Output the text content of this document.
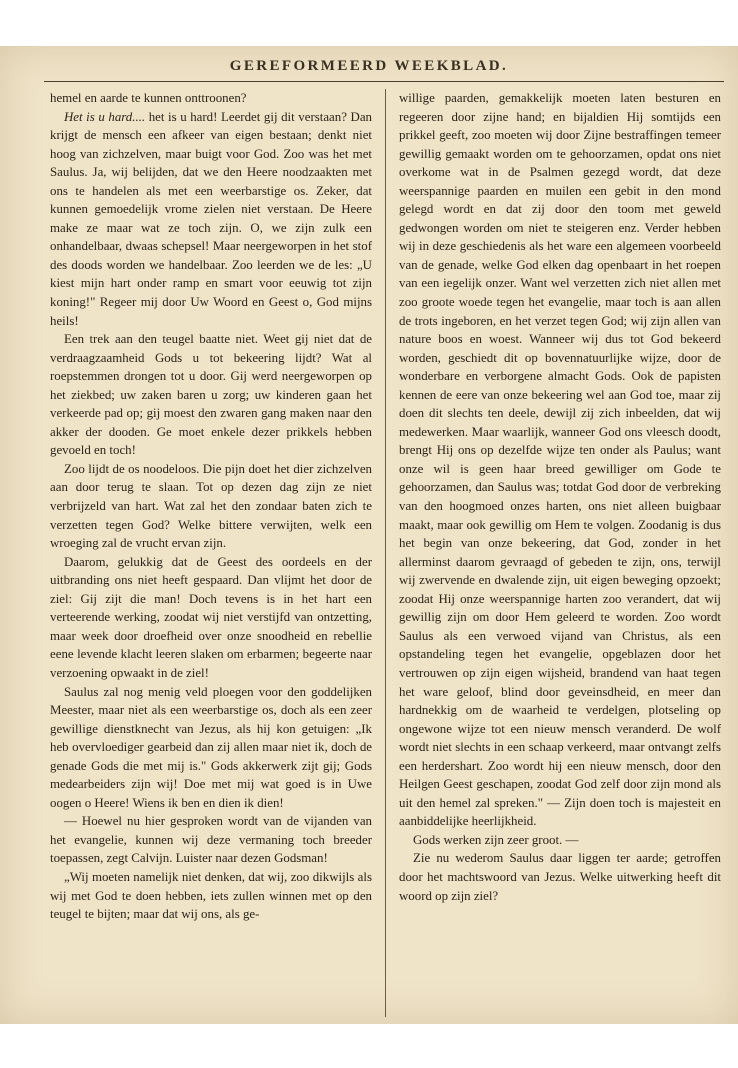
GEREFORMEERD WEEKBLAD.

hemel en aarde te kunnen onttroonen?

Het is u hard.... het is u hard! Leerdet gij dit verstaan? Dan krijgt de mensch een afkeer van eigen bestaan; denkt niet hoog van zichzelven, maar buigt voor God. Zoo was het met Saulus. Ja, wij belijden, dat we den Heere noodzaakten met ons te handelen als met een weerbarstige os. Zeker, dat kunnen gemoedelijk vrome zielen niet verstaan. De Heere make ze maar wat ze toch zijn. O, we zijn zulk een onhandelbaar, dwaas schepsel! Maar neergeworpen in het stof des doods worden we handelbaar. Zoo leerden we de les: „U kiest mijn hart onder ramp en smart voor eeuwig tot zijn koning!" Regeer mij door Uw Woord en Geest o, God mijns heils!

Een trek aan den teugel baatte niet. Weet gij niet dat de verdraagzaamheid Gods u tot bekeering lijdt? Wat al roepstemmen drongen tot u door. Gij werd neergeworpen op het ziekbed; uw zaken baren u zorg; uw kinderen gaan het verkeerde pad op; gij moest den zwaren gang maken naar den akker der dooden. Ge moet enkele dezer prikkels hebben gevoeld en toch!

Zoo lijdt de os noodeloos. Die pijn doet het dier zichzelven aan door terug te slaan. Tot op dezen dag zijn ze niet verbrijzeld van hart. Wat zal het den zondaar baten zich te verzetten tegen God? Welke bittere verwijten, welk een wroeging zal de vrucht ervan zijn.

Daarom, gelukkig dat de Geest des oordeels en der uitbranding ons niet heeft gespaard. Dan vlijmt het door de ziel: Gij zijt die man! Doch tevens is in het hart een verteerende werking, zoodat wij niet verstijfd van ontzetting, maar week door droefheid over onze snoodheid en rebellie eene levende klacht leeren slaken om erbarmen; begeerte naar verzoening opwaakt in de ziel!

Saulus zal nog menig veld ploegen voor den goddelijken Meester, maar niet als een weerbarstige os, doch als een zeer gewillige dienstknecht van Jezus, als hij kon getuigen: „Ik heb overvloediger gearbeid dan zij allen maar niet ik, doch de genade Gods die met mij is." Gods akkerwerk zijt gij; Gods medearbeiders zijn wij! Doe met mij wat goed is in Uwe oogen o Heere! Wiens ik ben en dien ik dien!

— Hoewel nu hier gesproken wordt van de vijanden van het evangelie, kunnen wij deze vermaning toch breeder toepassen, zegt Calvijn. Luister naar dezen Godsman!

„Wij moeten namelijk niet denken, dat wij, zoo dikwijls als wij met God te doen hebben, iets zullen winnen met op den teugel te bijten; maar dat wij ons, als ge-

willige paarden, gemakkelijk moeten laten besturen en regeeren door zijne hand; en bijaldien Hij somtijds een prikkel geeft, zoo moeten wij door Zijne bestraffingen temeer gewillig gemaakt worden om te gehoorzamen, opdat ons niet overkome wat in de Psalmen gezegd wordt, dat deze weerspannige paarden en muilen een gebit in den mond gelegd wordt en dat zij door den toom met geweld gedwongen worden om niet te steigeren enz. Verder hebben wij in deze geschiedenis als het ware een algemeen voorbeeld van de genade, welke God elken dag openbaart in het roepen van een iegelijk onzer. Want wel verzetten zich niet allen met zoo groote woede tegen het evangelie, maar toch is aan allen de trots ingeboren, en het verzet tegen God; wij zijn allen van nature boos en woest. Wanneer wij dus tot God bekeerd worden, geschiedt dit op bovennatuurlijke wijze, door de wonderbare en verborgene almacht Gods. Ook de papisten kennen de eere van onze bekeering wel aan God toe, maar zij doen dit slechts ten deele, dewijl zij zich inbeelden, dat wij medewerken. Maar waarlijk, wanneer God ons vleesch doodt, brengt Hij ons op dezelfde wijze ten onder als Paulus; want onze wil is geen haar breed gewilliger om Gode te gehoorzamen, dan Saulus was; totdat God door de verbreking van den hoogmoed onzes harten, ons niet alleen buigbaar maakt, maar ook gewillig om Hem te volgen. Zoodanig is dus het begin van onze bekeering, dat God, zonder in het allerminst daarom gevraagd of gebeden te zijn, ons, terwijl wij zwervende en dwalende zijn, uit eigen beweging opzoekt; zoodat Hij onze weerspannige harten zoo verandert, dat wij gewillig zijn om door Hem geleerd te worden. Zoo wordt Saulus als een verwoed vijand van Christus, als een opstandeling tegen het evangelie, opgeblazen door het vertrouwen op zijn eigen wijsheid, brandend van haat tegen het ware geloof, blind door geveinsdheid, en meer dan hardnekkig om de waarheid te verdelgen, plotseling op ongewone wijze tot een nieuw mensch veranderd. De wolf wordt niet slechts in een schaap verkeerd, maar ontvangt zelfs een herdershart. Zoo wordt hij een nieuw mensch, door den Heilgen Geest geschapen, zoodat God zelf door zijn mond als uit den hemel zal spreken." — Zijn doen toch is majesteit en aanbiddelijke heerlijkheid.

Gods werken zijn zeer groot. —

Zie nu wederom Saulus daar liggen ter aarde; getroffen door het machtswoord van Jezus. Welke uitwerking heeft dit woord op zijn ziel?
